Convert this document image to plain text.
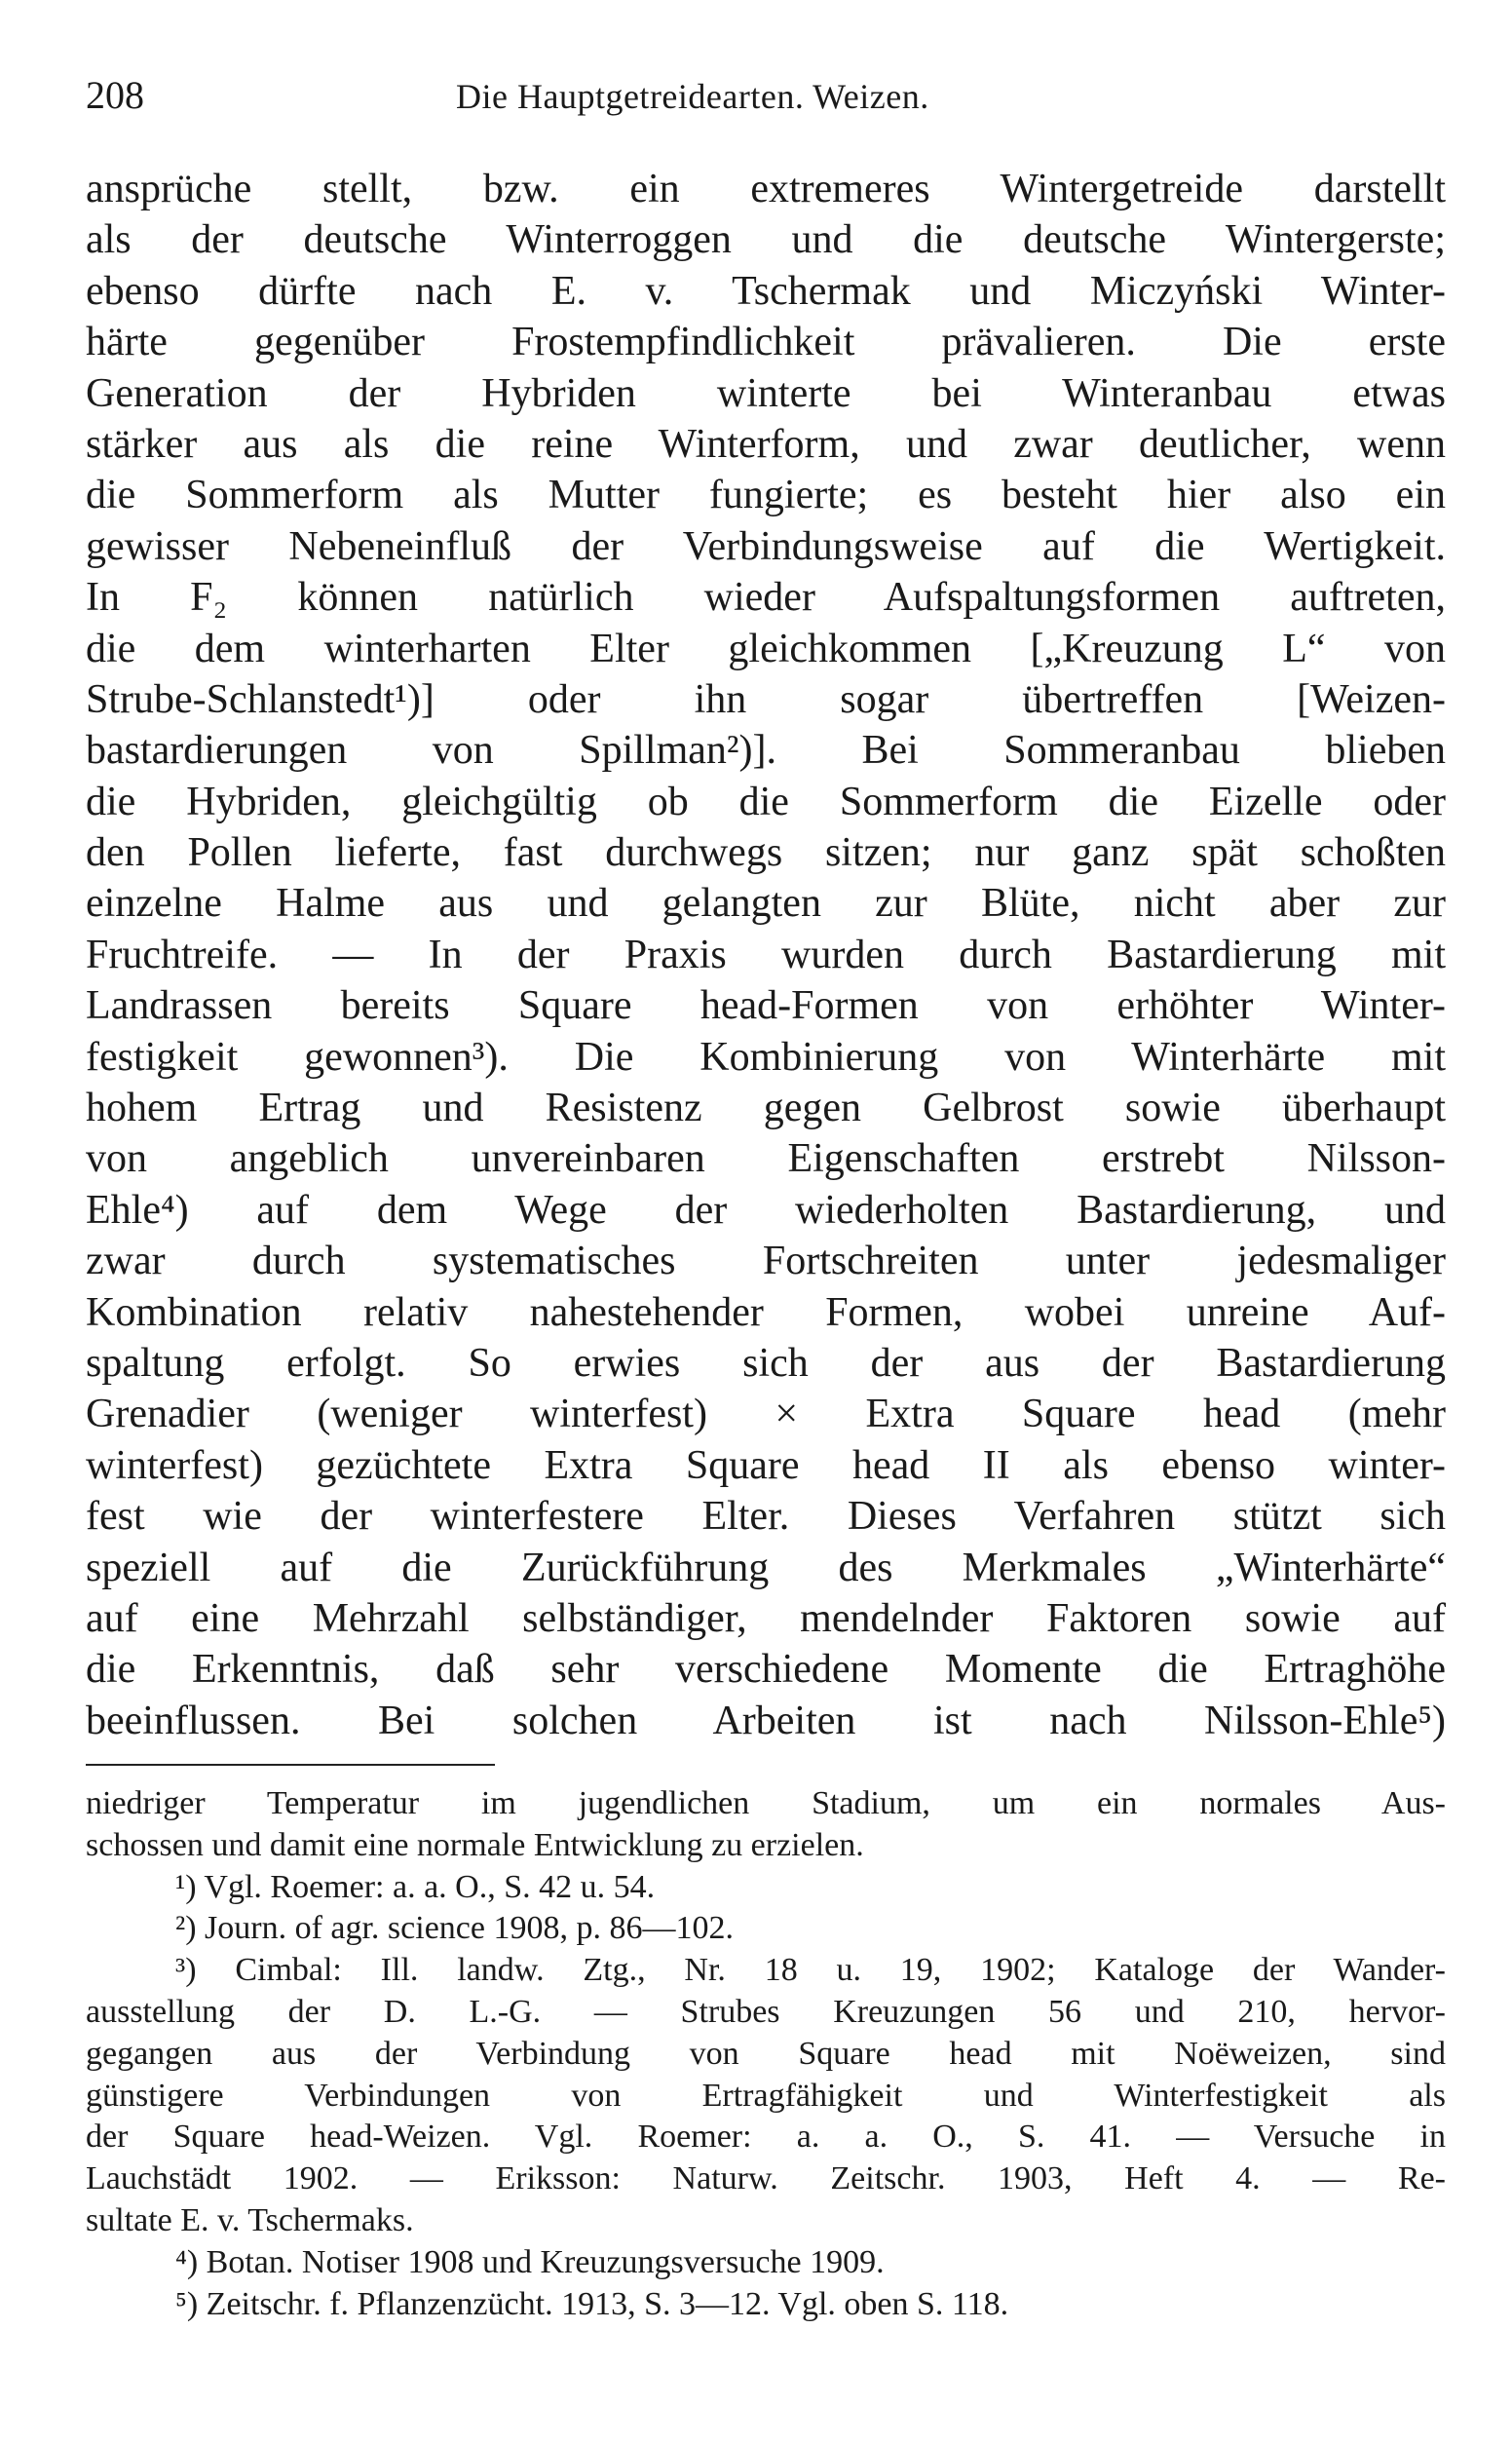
208	Die Hauptgetreidearten. Weizen.
ansprüche stellt, bzw. ein extremeres Wintergetreide darstellt
als der deutsche Winterroggen und die deutsche Wintergerste;
ebenso dürfte nach E. v. Tschermak und Miczyński Winter-
härte gegenüber Frostempfindlichkeit prävalieren. Die erste
Generation der Hybriden winterte bei Winteranbau etwas
stärker aus als die reine Winterform, und zwar deutlicher, wenn
die Sommerform als Mutter fungierte; es besteht hier also ein
gewisser Nebeneinfluß der Verbindungsweise auf die Wertigkeit.
In F₂ können natürlich wieder Aufspaltungsformen auftreten,
die dem winterharten Elter gleichkommen [„Kreuzung L“ von
Strube-Schlanstedt¹)] oder ihn sogar übertreffen [Weizen-
bastardierungen von Spillman²)]. Bei Sommeranbau blieben
die Hybriden, gleichgültig ob die Sommerform die Eizelle oder
den Pollen lieferte, fast durchwegs sitzen; nur ganz spät schoßten
einzelne Halme aus und gelangten zur Blüte, nicht aber zur
Fruchtreife. — In der Praxis wurden durch Bastardierung mit
Landrassen bereits Square head-Formen von erhöhter Winter-
festigkeit gewonnen³). Die Kombinierung von Winterhärte mit
hohem Ertrag und Resistenz gegen Gelbrost sowie überhaupt
von angeblich unvereinbaren Eigenschaften erstrebt Nilsson-
Ehle⁴) auf dem Wege der wiederholten Bastardierung, und
zwar durch systematisches Fortschreiten unter jedesmaliger
Kombination relativ nahestehender Formen, wobei unreine Auf-
spaltung erfolgt. So erwies sich der aus der Bastardierung
Grenadier (weniger winterfest) × Extra Square head (mehr
winterfest) gezüchtete Extra Square head II als ebenso winter-
fest wie der winterfestere Elter. Dieses Verfahren stützt sich
speziell auf die Zurückführung des Merkmales „Winterhärte“
auf eine Mehrzahl selbständiger, mendelnder Faktoren sowie auf
die Erkenntnis, daß sehr verschiedene Momente die Ertraghöhe
beeinflussen. Bei solchen Arbeiten ist nach Nilsson-Ehle⁵)
niedriger Temperatur im jugendlichen Stadium, um ein normales Aus-
schossen und damit eine normale Entwicklung zu erzielen.
¹) Vgl. Roemer: a. a. O., S. 42 u. 54.
²) Journ. of agr. science 1908, p. 86—102.
³) Cimbal: Ill. landw. Ztg., Nr. 18 u. 19, 1902; Kataloge der Wander-
ausstellung der D. L.-G. — Strubes Kreuzungen 56 und 210, hervor-
gegangen aus der Verbindung von Square head mit Noëweizen, sind
günstigere Verbindungen von Ertragfähigkeit und Winterfestigkeit als
der Square head-Weizen. Vgl. Roemer: a. a. O., S. 41. — Versuche in
Lauchstädt 1902. — Eriksson: Naturw. Zeitschr. 1903, Heft 4. — Re-
sultate E. v. Tschermaks.
⁴) Botan. Notiser 1908 und Kreuzungsversuche 1909.
⁵) Zeitschr. f. Pflanzenzücht. 1913, S. 3—12. Vgl. oben S. 118.
